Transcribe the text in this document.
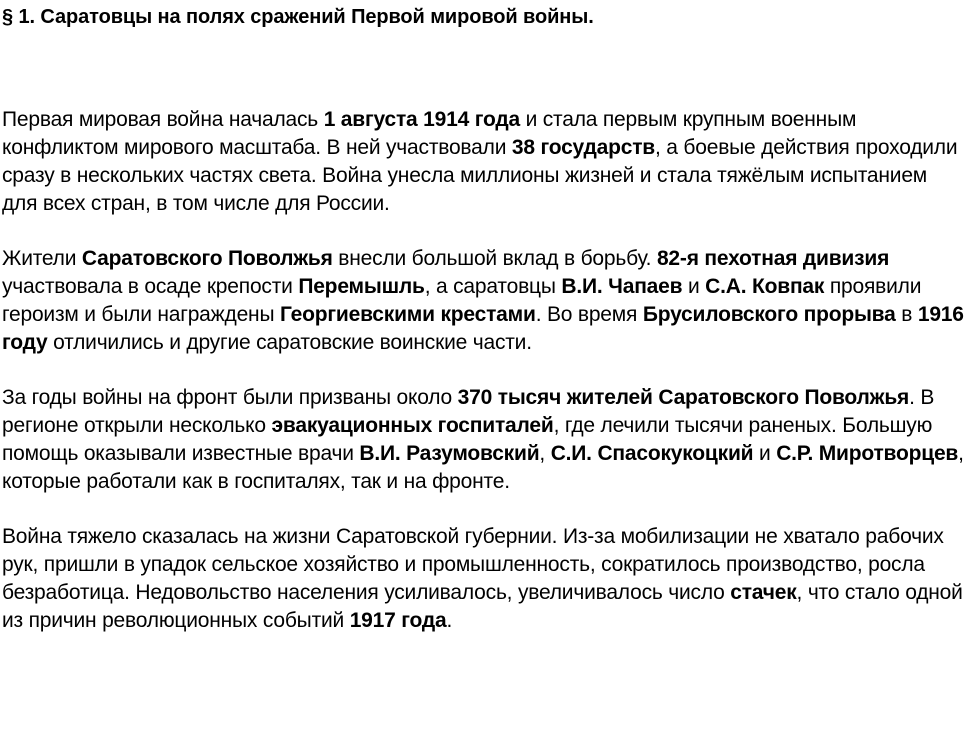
§ 1. Саратовцы на полях сражений Первой мировой войны.

Первая мировая война началась 1 августа 1914 года и стала первым крупным военным конфликтом мирового масштаба. В ней участвовали 38 государств, а боевые действия проходили сразу в нескольких частях света. Война унесла миллионы жизней и стала тяжёлым испытанием для всех стран, в том числе для России.

Жители Саратовского Поволжья внесли большой вклад в борьбу. 82-я пехотная дивизия участвовала в осаде крепости Перемышль, а саратовцы В.И. Чапаев и С.А. Ковпак проявили героизм и были награждены Георгиевскими крестами. Во время Брусиловского прорыва в 1916 году отличились и другие саратовские воинские части.

За годы войны на фронт были призваны около 370 тысяч жителей Саратовского Поволжья. В регионе открыли несколько эвакуационных госпиталей, где лечили тысячи раненых. Большую помощь оказывали известные врачи В.И. Разумовский, С.И. Спасокукоцкий и С.Р. Миротворцев, которые работали как в госпиталях, так и на фронте.

Война тяжело сказалась на жизни Саратовской губернии. Из-за мобилизации не хватало рабочих рук, пришли в упадок сельское хозяйство и промышленность, сократилось производство, росла безработица. Недовольство населения усиливалось, увеличивалось число стачек, что стало одной из причин революционных событий 1917 года.
